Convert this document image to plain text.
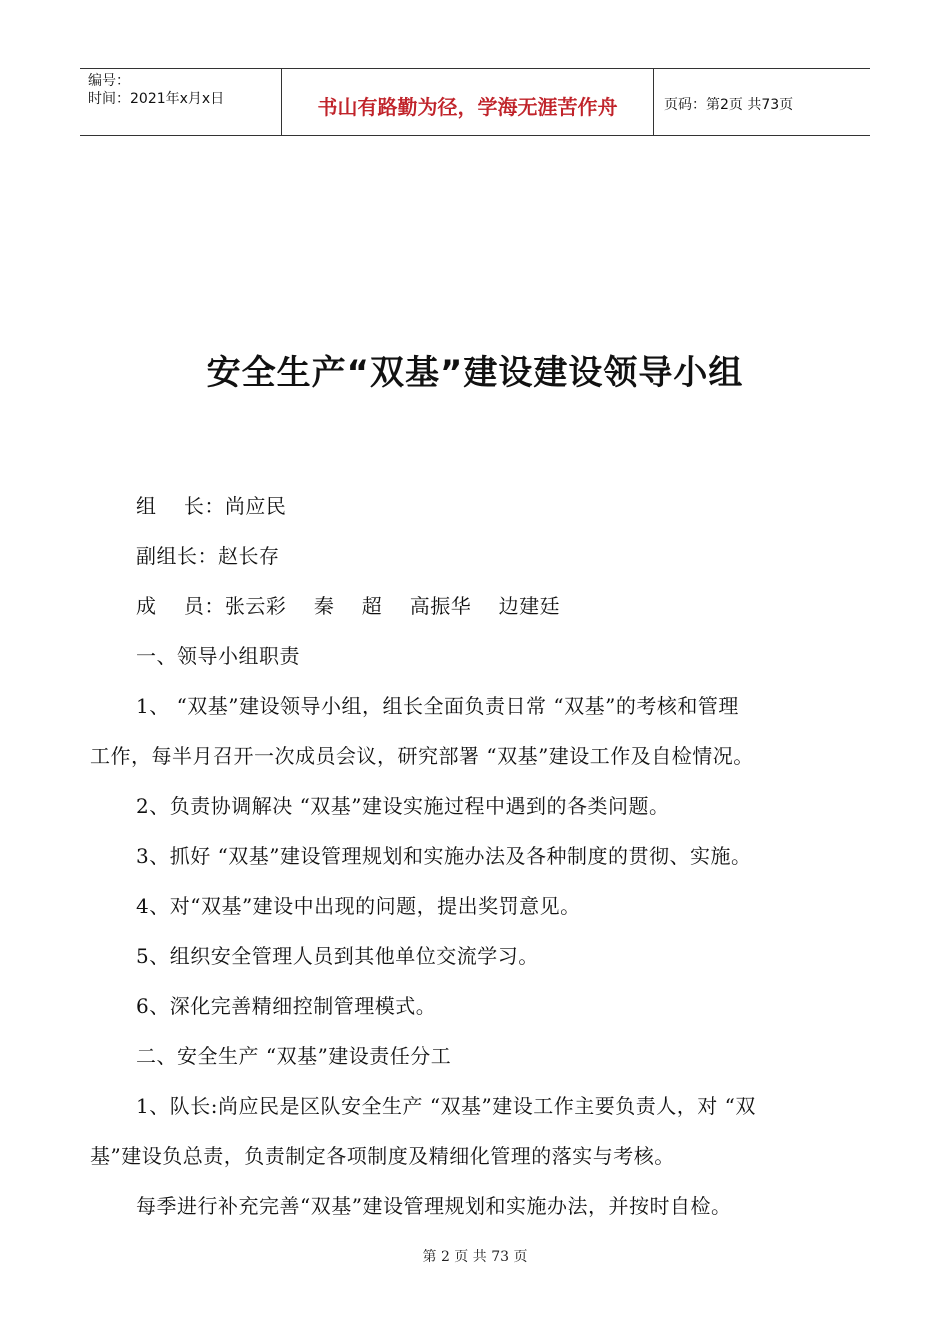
编号：
时间：2021年x月x日	书山有路勤为径，学海无涯苦作舟	页码：第2页 共73页
安全生产“双基”建设建设领导小组
组    长：尚应民
副组长：赵长存
成    员：张云彩    秦    超    高振华    边建廷
一、领导小组职责
1、 “双基”建设领导小组，组长全面负责日常 “双基”的考核和管理
工作，每半月召开一次成员会议，研究部署 “双基”建设工作及自检情况。
2、负责协调解决 “双基”建设实施过程中遇到的各类问题。
3、抓好 “双基”建设管理规划和实施办法及各种制度的贯彻、实施。
4、对“双基”建设中出现的问题，提出奖罚意见。
5、组织安全管理人员到其他单位交流学习。
6、深化完善精细控制管理模式。
二、安全生产 “双基”建设责任分工
1、队长:尚应民是区队安全生产 “双基”建设工作主要负责人，对 “双
基”建设负总责，负责制定各项制度及精细化管理的落实与考核。
每季进行补充完善“双基”建设管理规划和实施办法，并按时自检。
第 2 页 共 73 页
